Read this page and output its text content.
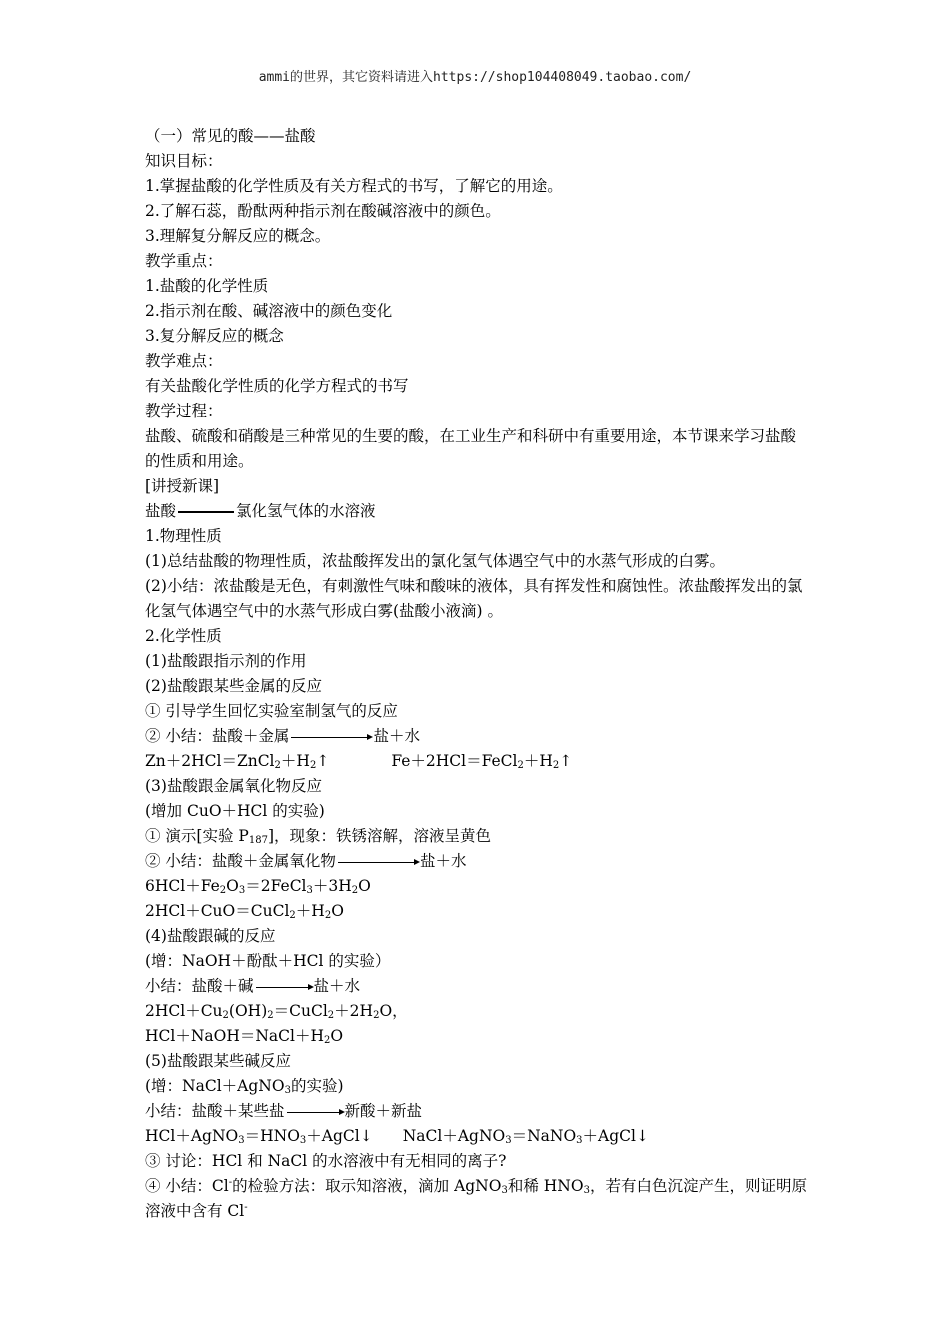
ammi的世界，其它资料请进入https://shop104408049.taobao.com/
（一）常见的酸——盐酸
知识目标：
1.掌握盐酸的化学性质及有关方程式的书写，了解它的用途。
2.了解石蕊，酚酞两种指示剂在酸碱溶液中的颜色。
3.理解复分解反应的概念。
教学重点：
1.盐酸的化学性质
2.指示剂在酸、碱溶液中的颜色变化
3.复分解反应的概念
教学难点：
有关盐酸化学性质的化学方程式的书写
教学过程：
盐酸、硫酸和硝酸是三种常见的生要的酸，在工业生产和科研中有重要用途，本节课来学习盐酸的性质和用途。
[讲授新课]
盐酸	氯化氢气体的水溶液
1.物理性质
(1)总结盐酸的物理性质，浓盐酸挥发出的氯化氢气体遇空气中的水蒸气形成的白雾。
(2)小结：浓盐酸是无色，有刺激性气味和酸味的液体，具有挥发性和腐蚀性。浓盐酸挥发出的氯化氢气体遇空气中的水蒸气形成白雾(盐酸小液滴) 。
2.化学性质
(1)盐酸跟指示剂的作用
(2)盐酸跟某些金属的反应
① 引导学生回忆实验室制氢气的反应
② 小结：盐酸＋金属	盐＋水
$Zn+2HCl=ZnCl_2+H_2↑$	$Fe+2HCl=FeCl_2+H_2↑$
(3)盐酸跟金属氧化物反应
(增加 CuO＋HCl 的实验)
① 演示[实验 $P_{187}$]，现象：铁锈溶解，溶液呈黄色
② 小结：盐酸＋金属氧化物	盐＋水
$6HCl+Fe_2O_3=2FeCl_3+3H_2O$
$2HCl+CuO=CuCl_2+H_2O$
(4)盐酸跟碱的反应
(增：NaOH＋酚酞＋HCl 的实验）
小结：盐酸＋碱	盐＋水
$2HCl+Cu_2(OH)_2=CuCl_2+2H_2O$，
$HCl+NaOH=NaCl+H_2O$
(5)盐酸跟某些碱反应
(增：NaCl＋AgNO$_3$的实验)
小结：盐酸＋某些盐	新酸＋新盐
$HCl+AgNO_3=HNO_3+AgCl↓$ NaCl＋AgNO$_3$＝NaNO$_3$＋AgCl↓
③ 讨论：HCl 和 NaCl 的水溶液中有无相同的离子?
④ 小结：Cl-的检验方法：取示知溶液，滴加 AgNO$_3$和稀 $HNO_3$，若有白色沉淀产生，则证明原溶液中含有 Cl-
